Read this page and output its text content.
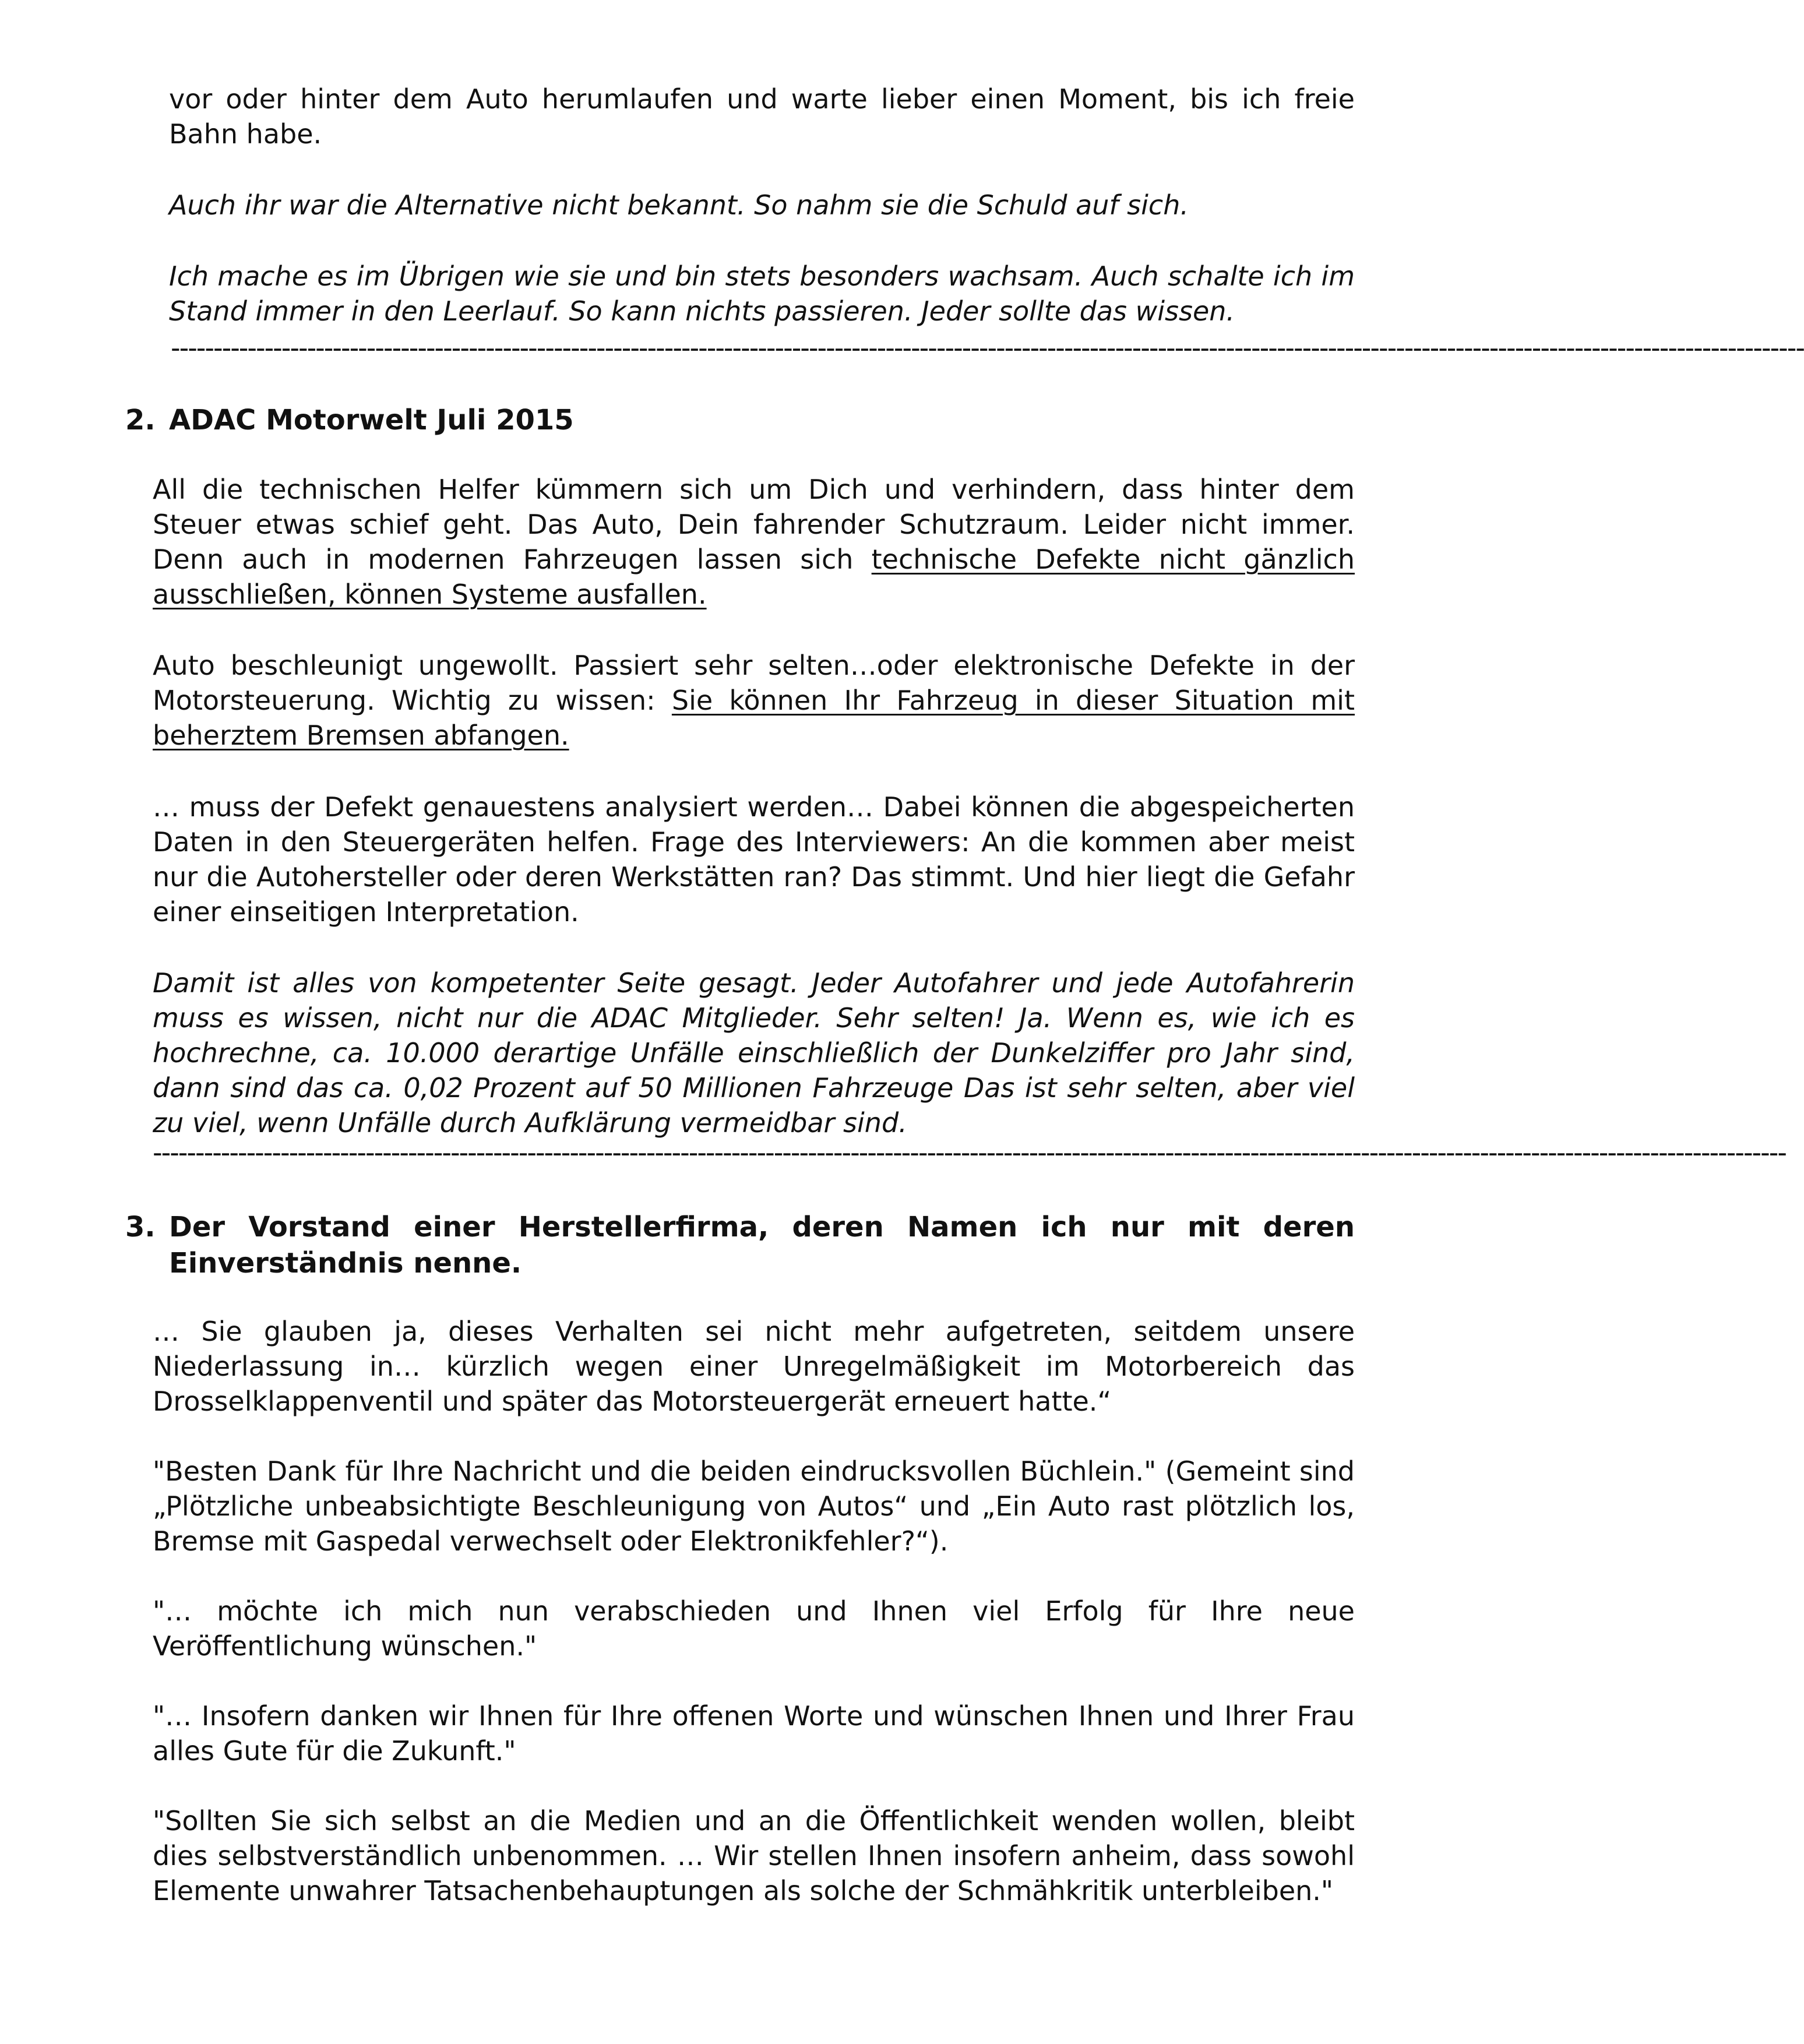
vor oder hinter dem Auto herumlaufen und warte lieber einen Moment, bis ich freie Bahn habe.

Auch ihr war die Alternative nicht bekannt. So nahm sie die Schuld auf sich.

Ich mache es im Übrigen wie sie und bin stets besonders wachsam. Auch schalte ich im Stand immer in den Leerlauf. So kann nichts passieren. Jeder sollte das wissen.

------------------------------------------------------------------------------------------------------------------------------------------------------------------------------------------------
2. ADAC Motorwelt Juli 2015

All die technischen Helfer kümmern sich um Dich und verhindern, dass hinter dem Steuer etwas schief geht. Das Auto, Dein fahrender Schutzraum. Leider nicht immer. Denn auch in modernen Fahrzeugen lassen sich technische Defekte nicht gänzlich ausschließen, können Systeme ausfallen.

Auto beschleunigt ungewollt. Passiert sehr selten…oder elektronische Defekte in der Motorsteuerung. Wichtig zu wissen: Sie können Ihr Fahrzeug in dieser Situation mit beherztem Bremsen abfangen.

… muss der Defekt genauestens analysiert werden… Dabei können die abgespeicherten Daten in den Steuergeräten helfen. Frage des Interviewers: An die kommen aber meist nur die Autohersteller oder deren Werkstätten ran? Das stimmt. Und hier liegt die Gefahr einer einseitigen Interpretation.

Damit ist alles von kompetenter Seite gesagt. Jeder Autofahrer und jede Autofahrerin muss es wissen, nicht nur die ADAC Mitglieder. Sehr selten! Ja. Wenn es, wie ich es hochrechne, ca. 10.000 derartige Unfälle einschließlich der Dunkelziffer pro Jahr sind, dann sind das ca. 0,02 Prozent auf 50 Millionen Fahrzeuge Das ist sehr selten, aber viel zu viel, wenn Unfälle durch Aufklärung vermeidbar sind.

------------------------------------------------------------------------------------------------------------------------------------------------------------------------------------------------
3. Der Vorstand einer Herstellerfirma, deren Namen ich nur mit deren Einverständnis nenne.

… Sie glauben ja, dieses Verhalten sei nicht mehr aufgetreten, seitdem unsere Niederlassung in… kürzlich wegen einer Unregelmäßigkeit im Motorbereich das Drosselklappenventil und später das Motorsteuergerät erneuert hatte.“

"Besten Dank für Ihre Nachricht und die beiden eindrucksvollen Büchlein." (Gemeint sind „Plötzliche unbeabsichtigte Beschleunigung von Autos“ und „Ein Auto rast plötzlich los, Bremse mit Gaspedal verwechselt oder Elektronikfehler?“).

"… möchte ich mich nun verabschieden und Ihnen viel Erfolg für Ihre neue Veröffentlichung wünschen."

"… Insofern danken wir Ihnen für Ihre offenen Worte und wünschen Ihnen und Ihrer Frau alles Gute für die Zukunft."

"Sollten Sie sich selbst an die Medien und an die Öffentlichkeit wenden wollen, bleibt dies selbstverständlich unbenommen. … Wir stellen Ihnen insofern anheim, dass sowohl Elemente unwahrer Tatsachenbehauptungen als solche der Schmähkritik unterbleiben."
